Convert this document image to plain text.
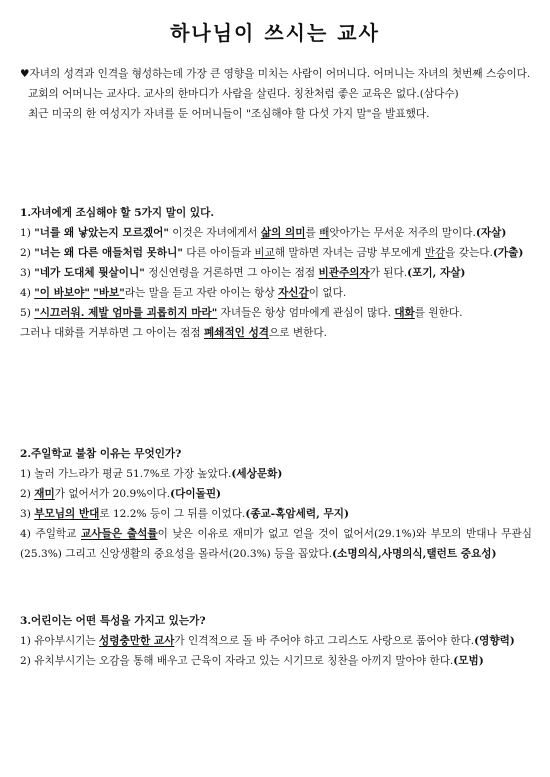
하나님이 쓰시는 교사

♥자녀의 성격과 인격을 형성하는데 가장 큰 영향을 미치는 사람이 어머니다. 어머니는 자녀의 첫번째 스승이다.

교회의 어머니는 교사다. 교사의 한마디가 사람을 살린다. 칭찬처럼 좋은 교육은 없다.(삼다수)

최근 미국의 한 여성지가 자녀를 둔 어머니들이 "조심해야 할 다섯 가지 말"을 발표했다.

1.자녀에게 조심해야 할 5가지 말이 있다.

1) "너를 왜 낳았는지 모르겠어" 이것은 자녀에게서 삶의 의미를 빼앗아가는 무서운 저주의 말이다.(자살)

2) "너는 왜 다른 애들처럼 못하니" 다른 아이들과 비교해 말하면 자녀는 금방 부모에게 반감을 갖는다.(가출)

3) "네가 도대체 뭣살이니" 정신연령을 거론하면 그 아이는 점점 비관주의자가 된다.(포기, 자살)

4) "이 바보야" "바보"라는 말을 듣고 자란 아이는 항상 자신감이 없다.

5) "시끄러워. 제발 엄마를 괴롭히지 마라" 자녀들은 항상 엄마에게 관심이 많다. 대화를 원한다.

그러나 대화를 거부하면 그 아이는 점점 폐쇄적인 성격으로 변한다.

2.주일학교 불참 이유는 무엇인가?

1) 놀러 가느라가 평균 51.7%로 가장 높았다.(세상문화)

2) 재미가 없어서가 20.9%이다.(다이돌핀)

3) 부모님의 반대로 12.2% 등이 그 뒤를 이었다.(종교-혹암세력, 무지)

4) 주일학교 교사들은 출석률이 낮은 이유로 재미가 없고 얻을 것이 없어서(29.1%)와 부모의 반대나 무관심(25.3%) 그리고 신앙생활의 중요성을 몰라서(20.3%) 등을 꼽았다.(소명의식,사명의식,탤런트 중요성)

3.어린이는 어떤 특성을 가지고 있는가?

1) 유아부시기는 성령충만한 교사가 인격적으로 돌 바 주어야 하고 그리스도 사랑으로 품어야 한다.(영향력)

2) 유치부시기는 오감을 통해 배우고 근육이 자라고 있는 시기므로 칭찬을 아끼지 말아야 한다.(모범)
